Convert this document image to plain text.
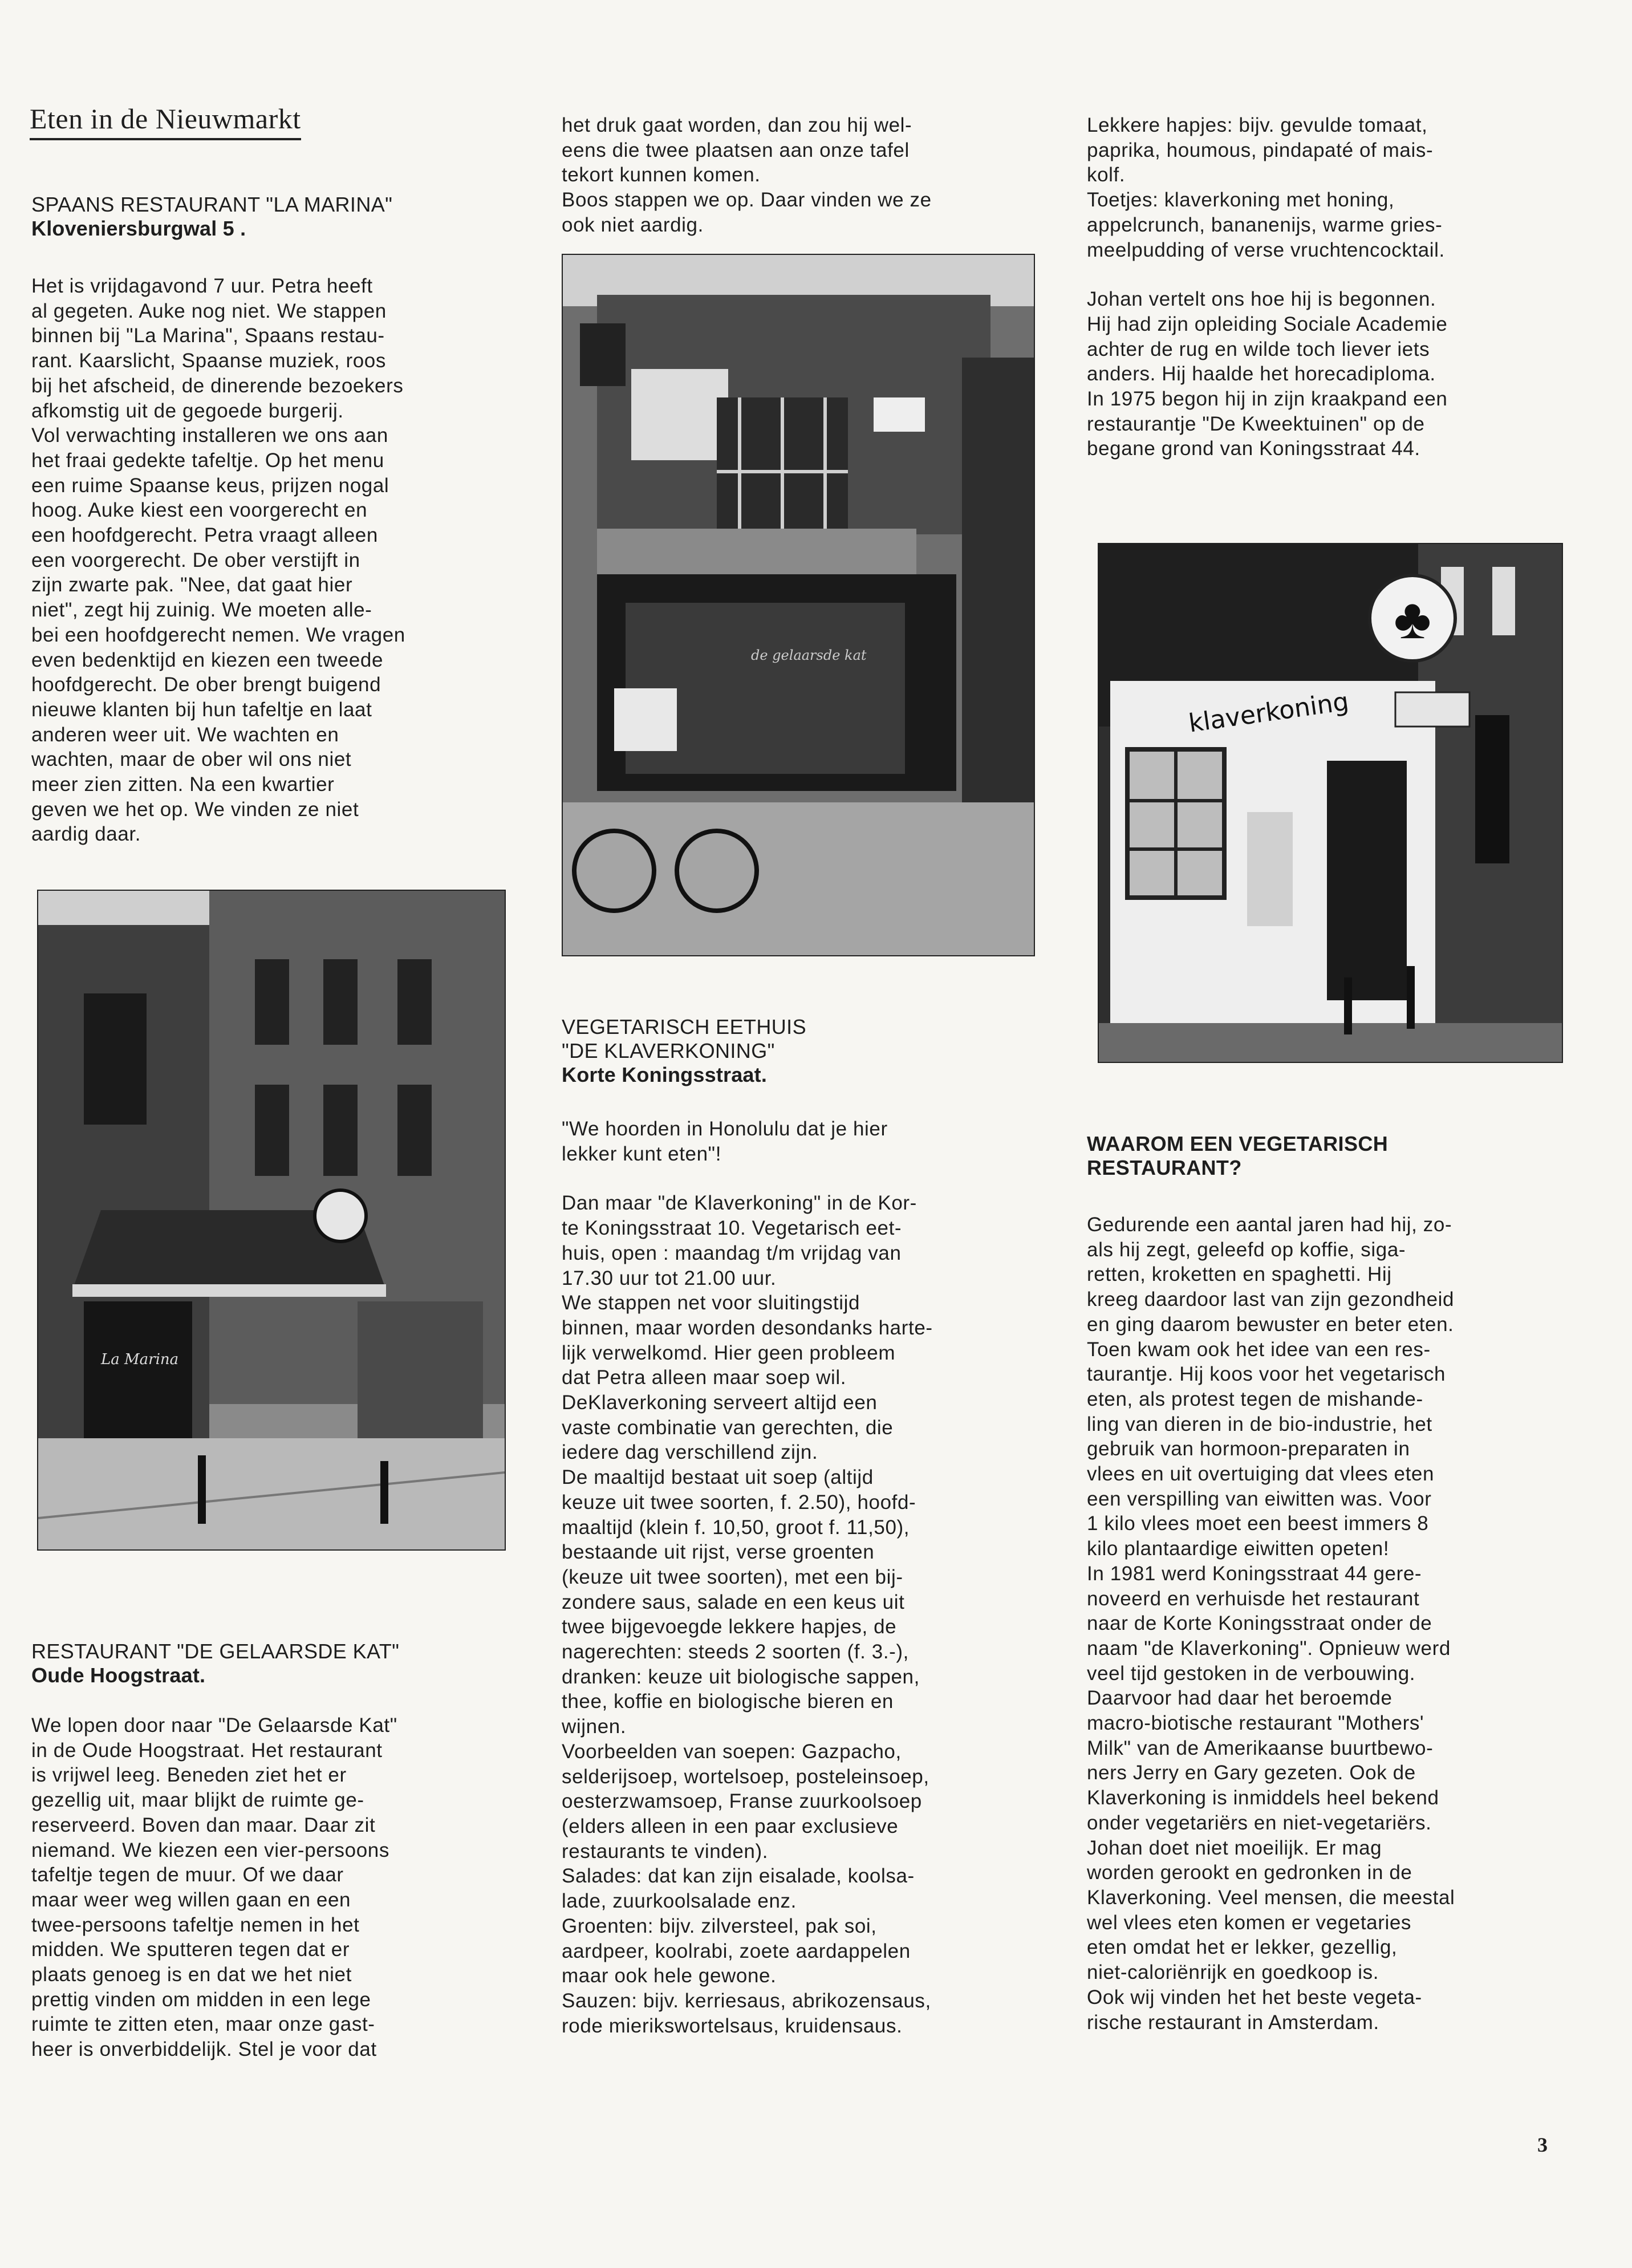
Eten in de Nieuwmarkt
SPAANS RESTAURANT "LA MARINA"
Kloveniersburgwal 5 .

Het is vrijdagavond 7 uur. Petra heeft

al gegeten. Auke nog niet. We stappen

binnen bij "La Marina", Spaans restau-

rant. Kaarslicht, Spaanse muziek, roos

bij het afscheid, de dinerende bezoekers

afkomstig uit de gegoede burgerij.

Vol verwachting installeren we ons aan

het fraai gedekte tafeltje. Op het menu

een ruime Spaanse keus, prijzen nogal

hoog. Auke kiest een voorgerecht en

een hoofdgerecht. Petra vraagt alleen

een voorgerecht. De ober verstijft in

zijn zwarte pak. "Nee, dat gaat hier

niet", zegt hij zuinig. We moeten alle-

bei een hoofdgerecht nemen. We vragen

even bedenktijd en kiezen een tweede

hoofdgerecht. De ober brengt buigend

nieuwe klanten bij hun tafeltje en laat

anderen weer uit. We wachten en

wachten, maar de ober wil ons niet

meer zien zitten. Na een kwartier

geven we het op. We vinden ze niet

aardig daar.

La Marina
RESTAURANT "DE GELAARSDE KAT"
Oude Hoogstraat.

We lopen door naar "De Gelaarsde Kat"

in de Oude Hoogstraat. Het restaurant

is vrijwel leeg. Beneden ziet het er

gezellig uit, maar blijkt de ruimte ge-

reserveerd. Boven dan maar. Daar zit

niemand. We kiezen een vier-persoons

tafeltje tegen de muur. Of we daar

maar weer weg willen gaan en een

twee-persoons tafeltje nemen in het

midden. We sputteren tegen dat er

plaats genoeg is en dat we het niet

prettig vinden om midden in een lege

ruimte te zitten eten, maar onze gast-

heer is onverbiddelijk. Stel je voor dat

het druk gaat worden, dan zou hij wel-

eens die twee plaatsen aan onze tafel

tekort kunnen komen.

Boos stappen we op. Daar vinden we ze

ook niet aardig.

de gelaarsde kat
VEGETARISCH EETHUIS
"DE KLAVERKONING"
Korte Koningsstraat.

"We hoorden in Honolulu dat je hier

lekker kunt eten"!

Dan maar "de Klaverkoning" in de Kor-

te Koningsstraat 10. Vegetarisch eet-

huis, open : maandag t/m vrijdag van

17.30 uur tot 21.00 uur.

We stappen net voor sluitingstijd

binnen, maar worden desondanks harte-

lijk verwelkomd. Hier geen probleem

dat Petra alleen maar soep wil.

DeKlaverkoning serveert altijd een

vaste combinatie van gerechten, die

iedere dag verschillend zijn.

De maaltijd bestaat uit soep (altijd

keuze uit twee soorten, f. 2.50), hoofd-

maaltijd (klein f. 10,50, groot f. 11,50),

bestaande uit rijst, verse groenten

(keuze uit twee soorten), met een bij-

zondere saus, salade en een keus uit

twee bijgevoegde lekkere hapjes, de

nagerechten: steeds 2 soorten (f. 3.-),

dranken: keuze uit biologische sappen,

thee, koffie en biologische bieren en

wijnen.

Voorbeelden van soepen: Gazpacho,

selderijsoep, wortelsoep, posteleinsoep,

oesterzwamsoep, Franse zuurkoolsoep

(elders alleen in een paar exclusieve

restaurants te vinden).

Salades: dat kan zijn eisalade, koolsa-

lade, zuurkoolsalade enz.

Groenten: bijv. zilversteel, pak soi,

aardpeer, koolrabi, zoete aardappelen

maar ook hele gewone.

Sauzen: bijv. kerriesaus, abrikozensaus,

rode mierikswortelsaus, kruidensaus.

Lekkere hapjes: bijv. gevulde tomaat,

paprika, houmous, pindapaté of mais-

kolf.

Toetjes: klaverkoning met honing,

appelcrunch, bananenijs, warme gries-

meelpudding of verse vruchtencocktail.

Johan vertelt ons hoe hij is begonnen.

Hij had zijn opleiding Sociale Academie

achter de rug en wilde toch liever iets

anders. Hij haalde het horecadiploma.

In 1975 begon hij in zijn kraakpand een

restaurantje "De Kweektuinen" op de

begane grond van Koningsstraat 44.

♣
klaverkoning
WAAROM EEN VEGETARISCH
RESTAURANT?

Gedurende een aantal jaren had hij, zo-

als hij zegt, geleefd op koffie, siga-

retten, kroketten en spaghetti. Hij

kreeg daardoor last van zijn gezondheid

en ging daarom bewuster en beter eten.

Toen kwam ook het idee van een res-

taurantje. Hij koos voor het vegetarisch

eten, als protest tegen de mishande-

ling van dieren in de bio-industrie, het

gebruik van hormoon-preparaten in

vlees en uit overtuiging dat vlees eten

een verspilling van eiwitten was. Voor

1 kilo vlees moet een beest immers 8

kilo plantaardige eiwitten opeten!

In 1981 werd Koningsstraat 44 gere-

noveerd en verhuisde het restaurant

naar de Korte Koningsstraat onder de

naam "de Klaverkoning". Opnieuw werd

veel tijd gestoken in de verbouwing.

Daarvoor had daar het beroemde

macro-biotische restaurant "Mothers'

Milk" van de Amerikaanse buurtbewo-

ners Jerry en Gary gezeten. Ook de

Klaverkoning is inmiddels heel bekend

onder vegetariërs en niet-vegetariërs.

Johan doet niet moeilijk. Er mag

worden gerookt en gedronken in de

Klaverkoning. Veel mensen, die meestal

wel vlees eten komen er vegetaries

eten omdat het er lekker, gezellig,

niet-caloriënrijk en goedkoop is.

Ook wij vinden het het beste vegeta-

rische restaurant in Amsterdam.

3
